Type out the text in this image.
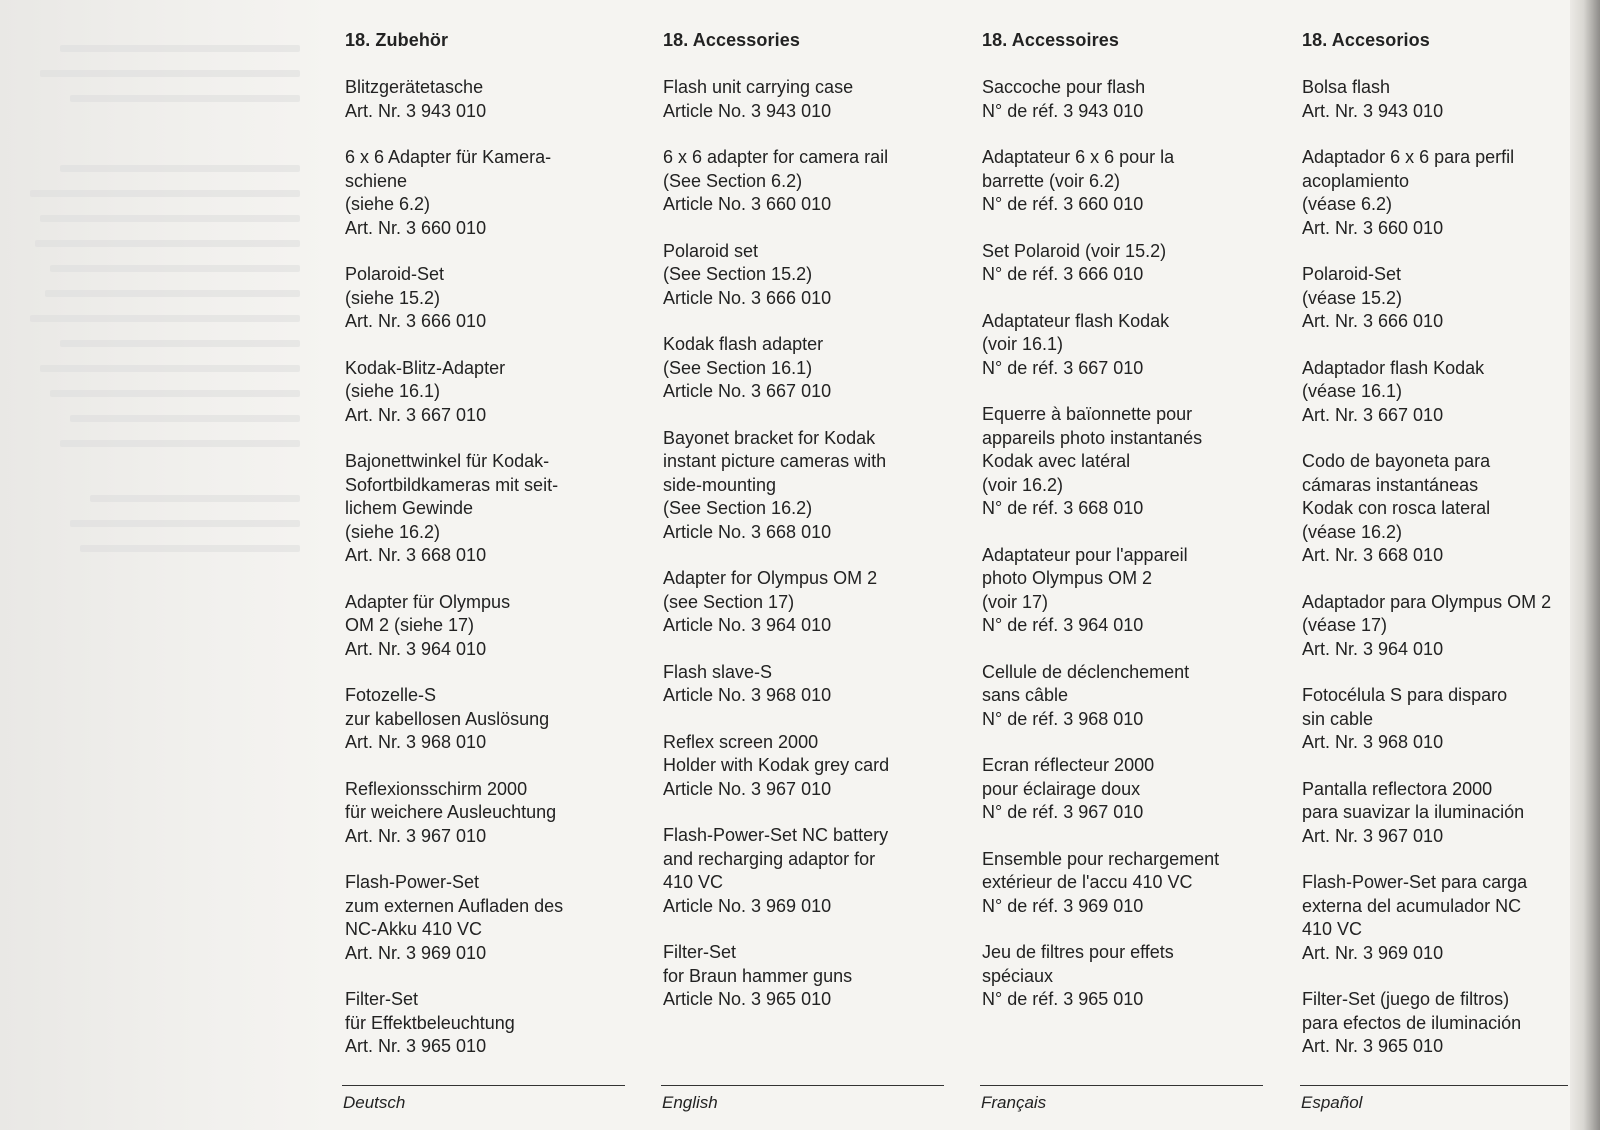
18. Zubehör
Blitzgerätetasche
Art. Nr. 3 943 010
6 x 6 Adapter für Kamera-
schiene
(siehe 6.2)
Art. Nr. 3 660 010
Polaroid-Set
(siehe 15.2)
Art. Nr. 3 666 010
Kodak-Blitz-Adapter
(siehe 16.1)
Art. Nr. 3 667 010
Bajonettwinkel für Kodak-
Sofortbildkameras mit seit-
lichem Gewinde
(siehe 16.2)
Art. Nr. 3 668 010
Adapter für Olympus
OM 2 (siehe 17)
Art. Nr. 3 964 010
Fotozelle-S
zur kabellosen Auslösung
Art. Nr. 3 968 010
Reflexionsschirm 2000
für weichere Ausleuchtung
Art. Nr. 3 967 010
Flash-Power-Set
zum externen Aufladen des
NC-Akku 410 VC
Art. Nr. 3 969 010
Filter-Set
für Effektbeleuchtung
Art. Nr. 3 965 010
Deutsch
18. Accessories
Flash unit carrying case
Article No. 3 943 010
6 x 6 adapter for camera rail
(See Section 6.2)
Article No. 3 660 010
Polaroid set
(See Section 15.2)
Article No. 3 666 010
Kodak flash adapter
(See Section 16.1)
Article No. 3 667 010
Bayonet bracket for Kodak
instant picture cameras with
side-mounting
(See Section 16.2)
Article No. 3 668 010
Adapter for Olympus OM 2
(see Section 17)
Article No. 3 964 010
Flash slave-S
Article No. 3 968 010
Reflex screen 2000
Holder with Kodak grey card
Article No. 3 967 010
Flash-Power-Set NC battery
and recharging adaptor for
410 VC
Article No. 3 969 010
Filter-Set
for Braun hammer guns
Article No. 3 965 010
English
18. Accessoires
Saccoche pour flash
N° de réf. 3 943 010
Adaptateur 6 x 6 pour la
barrette (voir 6.2)
N° de réf. 3 660 010
Set Polaroid (voir 15.2)
N° de réf. 3 666 010
Adaptateur flash Kodak
(voir 16.1)
N° de réf. 3 667 010
Equerre à baïonnette pour
appareils photo instantanés
Kodak avec latéral
(voir 16.2)
N° de réf. 3 668 010
Adaptateur pour l'appareil
photo Olympus OM 2
(voir 17)
N° de réf. 3 964 010
Cellule de déclenchement
sans câble
N° de réf. 3 968 010
Ecran réflecteur 2000
pour éclairage doux
N° de réf. 3 967 010
Ensemble pour rechargement
extérieur de l'accu 410 VC
N° de réf. 3 969 010
Jeu de filtres pour effets
spéciaux
N° de réf. 3 965 010
Français
18. Accesorios
Bolsa flash
Art. Nr. 3 943 010
Adaptador 6 x 6 para perfil
acoplamiento
(véase 6.2)
Art. Nr. 3 660 010
Polaroid-Set
(véase 15.2)
Art. Nr. 3 666 010
Adaptador flash Kodak
(véase 16.1)
Art. Nr. 3 667 010
Codo de bayoneta para
cámaras instantáneas
Kodak con rosca lateral
(véase 16.2)
Art. Nr. 3 668 010
Adaptador para Olympus OM 2
(véase 17)
Art. Nr. 3 964 010
Fotocélula S para disparo
sin cable
Art. Nr. 3 968 010
Pantalla reflectora 2000
para suavizar la iluminación
Art. Nr. 3 967 010
Flash-Power-Set para carga
externa del acumulador NC
410 VC
Art. Nr. 3 969 010
Filter-Set (juego de filtros)
para efectos de iluminación
Art. Nr. 3 965 010
Español
